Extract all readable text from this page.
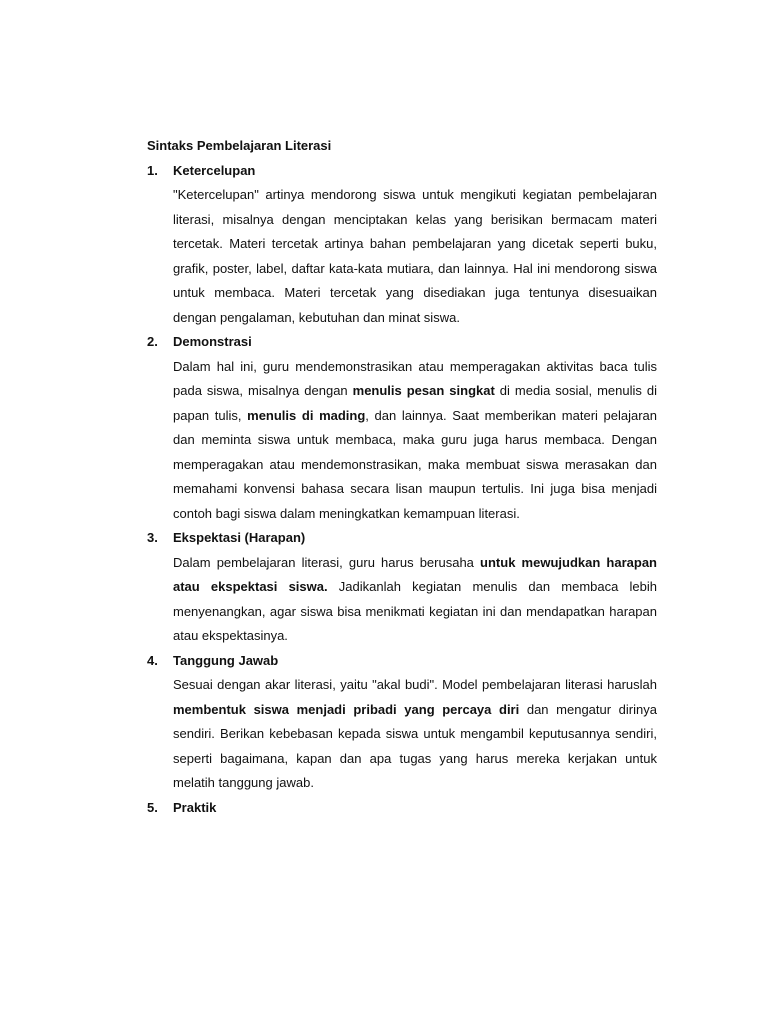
Sintaks Pembelajaran Literasi

1.	Ketercelupan
"Ketercelupan" artinya mendorong siswa untuk mengikuti kegiatan pembelajaran literasi, misalnya dengan menciptakan kelas yang berisikan bermacam materi tercetak. Materi tercetak artinya bahan pembelajaran yang dicetak seperti buku, grafik, poster, label, daftar kata-kata mutiara, dan lainnya. Hal ini mendorong siswa untuk membaca. Materi tercetak yang disediakan juga tentunya disesuaikan dengan pengalaman, kebutuhan dan minat siswa.
2.	Demonstrasi
Dalam hal ini, guru mendemonstrasikan atau memperagakan aktivitas baca tulis pada siswa, misalnya dengan menulis pesan singkat di media sosial, menulis di papan tulis, menulis di mading, dan lainnya. Saat memberikan materi pelajaran dan meminta siswa untuk membaca, maka guru juga harus membaca. Dengan memperagakan atau mendemonstrasikan, maka membuat siswa merasakan dan memahami konvensi bahasa secara lisan maupun tertulis. Ini juga bisa menjadi contoh bagi siswa dalam meningkatkan kemampuan literasi.
3.	Ekspektasi (Harapan)
Dalam pembelajaran literasi, guru harus berusaha untuk mewujudkan harapan atau ekspektasi siswa. Jadikanlah kegiatan menulis dan membaca lebih menyenangkan, agar siswa bisa menikmati kegiatan ini dan mendapatkan harapan atau ekspektasinya.
4.	Tanggung Jawab
Sesuai dengan akar literasi, yaitu "akal budi". Model pembelajaran literasi haruslah membentuk siswa menjadi pribadi yang percaya diri dan mengatur dirinya sendiri. Berikan kebebasan kepada siswa untuk mengambil keputusannya sendiri, seperti bagaimana, kapan dan apa tugas yang harus mereka kerjakan untuk melatih tanggung jawab.
5.	Praktik
